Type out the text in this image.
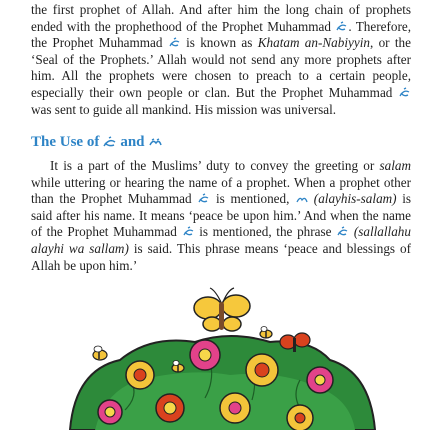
the first prophet of Allah. And after him the long chain of prophets ended with the prophethood of the Prophet Muhammad . Therefore, the Prophet Muhammad is known as Khatam an-Nabiyyin, or the ‘Seal of the Prophets.’ Allah would not send any more prophets after him. All the prophets were chosen to preach to a certain people, especially their own people or clan. But the Prophet Muhammad  was sent to guide all mankind. His mission was universal.

The Use of and

It is a part of the Muslims’ duty to convey the greeting or salam while uttering or hearing the name of a prophet. When a prophet other than the Prophet Muhammad is mentioned, (alayhis-salam) is said after his name. It means ‘peace be upon him.’ And when the name of the Prophet Muhammad is mentioned, the phrase (sallallahu alayhi wa sallam) is said. This phrase means ‘peace and blessings of Allah be upon him.’
